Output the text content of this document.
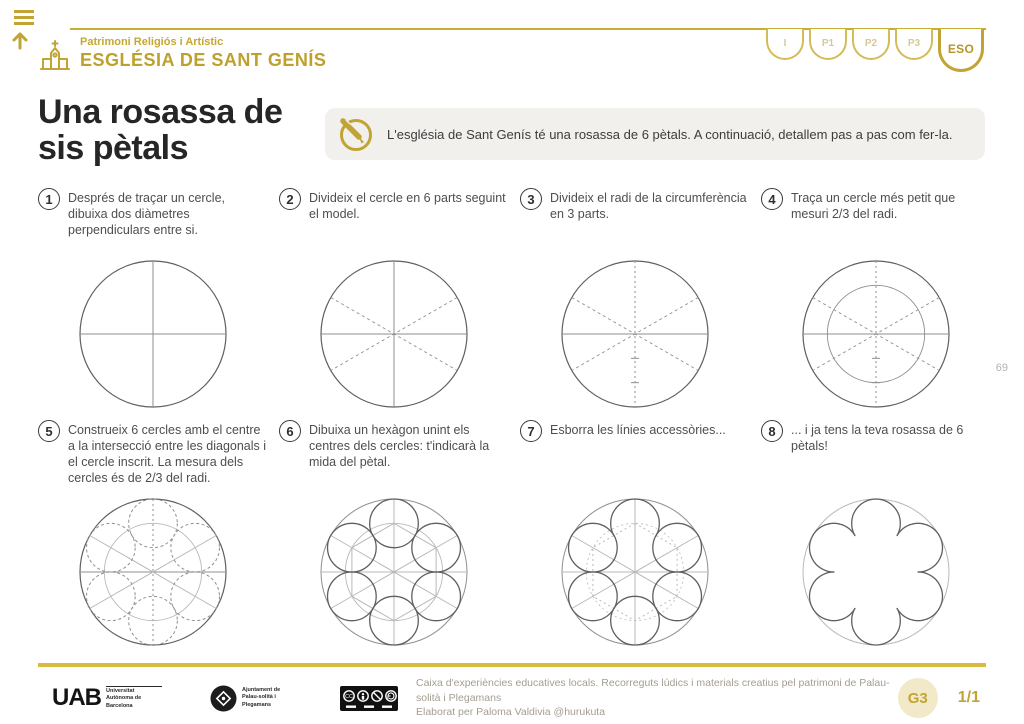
Patrimoni Religiós i Artístic
ESGLÉSIA DE SANT GENÍS
I	P1	P2	P3	ESO
Una rosassa de
sis pètals	L'església de Sant Genís té una rosassa de 6 pètals. A continuació, detallem pas a pas com fer-la.

1	Després de traçar un cercle, dibuixa dos diàmetres perpendiculars entre si.

2	Divideix el cercle en 6 parts seguint el model.

3	Divideix el radi de la circumferència en 3 parts.

4	Traça un cercle més petit que mesuri 2/3 del radi.

5	Construeix 6 cercles amb el centre a la intersecció entre les diagonals i el cercle inscrit. La mesura dels cercles és de 2/3 del radi.

6	Dibuixa un hexàgon unint els centres dels cercles: t'indicarà la mida del pètal.

7	Esborra les línies accessòries...	8	... i ja tens la teva rosassa de 6 pètals!

69
UAB Universitat Autònoma de Barcelona
Ajuntament de Palau-solità i Plegamans
CC
Caixa d'experiències educatives locals. Recorreguts lúdics i materials creatius pel patrimoni de Palau-solità i Plegamans
Elaborat per Paloma Valdivia @hurukuta
G3	1/1
